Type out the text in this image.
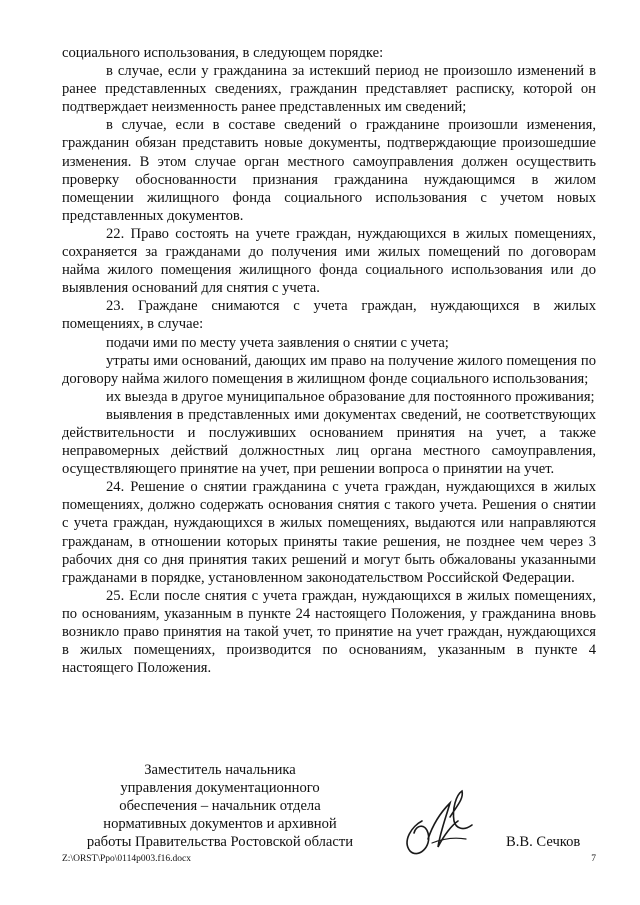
социального использования, в следующем порядке:

в случае, если у гражданина за истекший период не произошло изменений в ранее представленных сведениях, гражданин представляет расписку, которой он подтверждает неизменность ранее представленных им сведений;

в случае, если в составе сведений о гражданине произошли изменения, гражданин обязан представить новые документы, подтверждающие произошедшие изменения. В этом случае орган местного самоуправления должен осуществить проверку обоснованности признания гражданина нуждающимся в жилом помещении жилищного фонда социального использования с учетом новых представленных документов.

22. Право состоять на учете граждан, нуждающихся в жилых помещениях, сохраняется за гражданами до получения ими жилых помещений по договорам найма жилого помещения жилищного фонда социального использования или до выявления оснований для снятия с учета.

23. Граждане снимаются с учета граждан, нуждающихся в жилых помещениях, в случае:

подачи ими по месту учета заявления о снятии с учета;

утраты ими оснований, дающих им право на получение жилого помещения по договору найма жилого помещения в жилищном фонде социального использования;

их выезда в другое муниципальное образование для постоянного проживания;

выявления в представленных ими документах сведений, не соответствующих действительности и послуживших основанием принятия на учет, а также неправомерных действий должностных лиц органа местного самоуправления, осуществляющего принятие на учет, при решении вопроса о принятии на учет.

24. Решение о снятии гражданина с учета граждан, нуждающихся в жилых помещениях, должно содержать основания снятия с такого учета. Решения о снятии с учета граждан, нуждающихся в жилых помещениях, выдаются или направляются гражданам, в отношении которых приняты такие решения, не позднее чем через 3 рабочих дня со дня принятия таких решений и могут быть обжалованы указанными гражданами в порядке, установленном законодательством Российской Федерации.

25. Если после снятия с учета граждан, нуждающихся в жилых помещениях, по основаниям, указанным в пункте 24 настоящего Положения, у гражданина вновь возникло право принятия на такой учет, то принятие на учет граждан, нуждающихся в жилых помещениях, производится по основаниям, указанным в пункте 4 настоящего Положения.

Заместитель начальника
управления документационного
обеспечения – начальник отдела
нормативных документов и архивной
работы Правительства Ростовской области	В.В. Сечков
Z:\ORST\Ppo\0114p003.f16.docx	7
